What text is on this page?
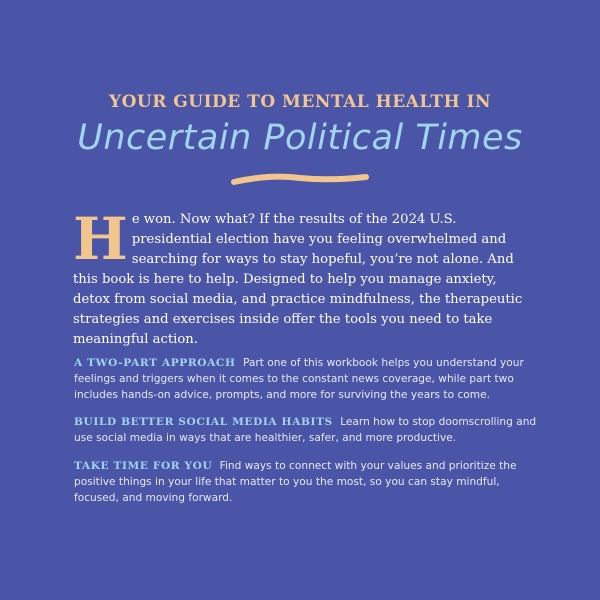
YOUR GUIDE TO MENTAL HEALTH IN
Uncertain Political Times
H e won. Now what? If the results of the 2024 U.S. presidential election have you feeling overwhelmed and searching for ways to stay hopeful, you’re not alone. And this book is here to help. Designed to help you manage anxiety, detox from social media, and practice mindfulness, the therapeutic strategies and exercises inside offer the tools you need to take meaningful action.
A TWO-PART APPROACH Part one of this workbook helps you understand your feelings and triggers when it comes to the constant news coverage, while part two includes hands-on advice, prompts, and more for surviving the years to come.
BUILD BETTER SOCIAL MEDIA HABITS Learn how to stop doomscrolling and use social media in ways that are healthier, safer, and more productive.
TAKE TIME FOR YOU Find ways to connect with your values and prioritize the positive things in your life that matter to you the most, so you can stay mindful, focused, and moving forward.
